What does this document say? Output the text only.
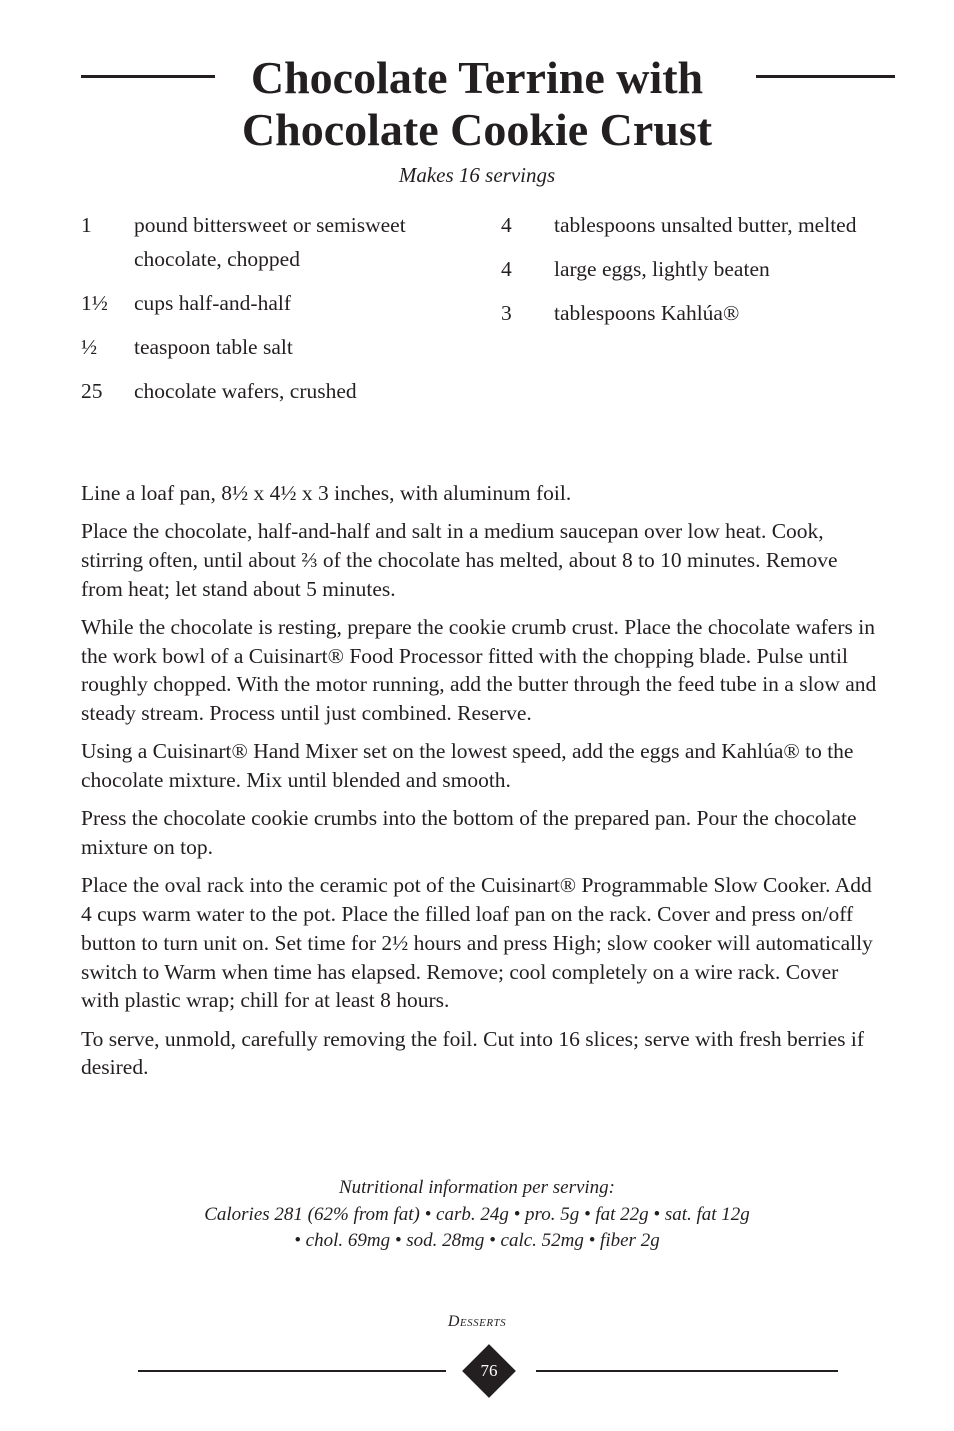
Chocolate Terrine with
Chocolate Cookie Crust
Makes 16 servings
1	pound bittersweet or semisweet chocolate, chopped
1½	cups half-and-half
½	teaspoon table salt
25	chocolate wafers, crushed
4	tablespoons unsalted butter, melted
4	large eggs, lightly beaten
3	tablespoons Kahlúa®

Line a loaf pan, 8½ x 4½ x 3 inches, with aluminum foil.

Place the chocolate, half-and-half and salt in a medium saucepan over low heat. Cook, stirring often, until about ⅔ of the chocolate has melted, about 8 to 10 minutes. Remove from heat; let stand about 5 minutes.

While the chocolate is resting, prepare the cookie crumb crust. Place the chocolate wafers in the work bowl of a Cuisinart® Food Processor fitted with the chopping blade. Pulse until roughly chopped. With the motor running, add the butter through the feed tube in a slow and steady stream. Process until just combined. Reserve.

Using a Cuisinart® Hand Mixer set on the lowest speed, add the eggs and Kahlúa® to the chocolate mixture. Mix until blended and smooth.

Press the chocolate cookie crumbs into the bottom of the prepared pan. Pour the chocolate mixture on top.

Place the oval rack into the ceramic pot of the Cuisinart® Programmable Slow Cooker. Add 4 cups warm water to the pot. Place the filled loaf pan on the rack. Cover and press on/off button to turn unit on. Set time for 2½ hours and press High; slow cooker will automatically switch to Warm when time has elapsed. Remove; cool completely on a wire rack. Cover with plastic wrap; chill for at least 8 hours.

To serve, unmold, carefully removing the foil. Cut into 16 slices; serve with fresh berries if desired.

Nutritional information per serving:
Calories 281 (62% from fat) • carb. 24g • pro. 5g • fat 22g • sat. fat 12g
• chol. 69mg • sod. 28mg • calc. 52mg • fiber 2g
Desserts
76
